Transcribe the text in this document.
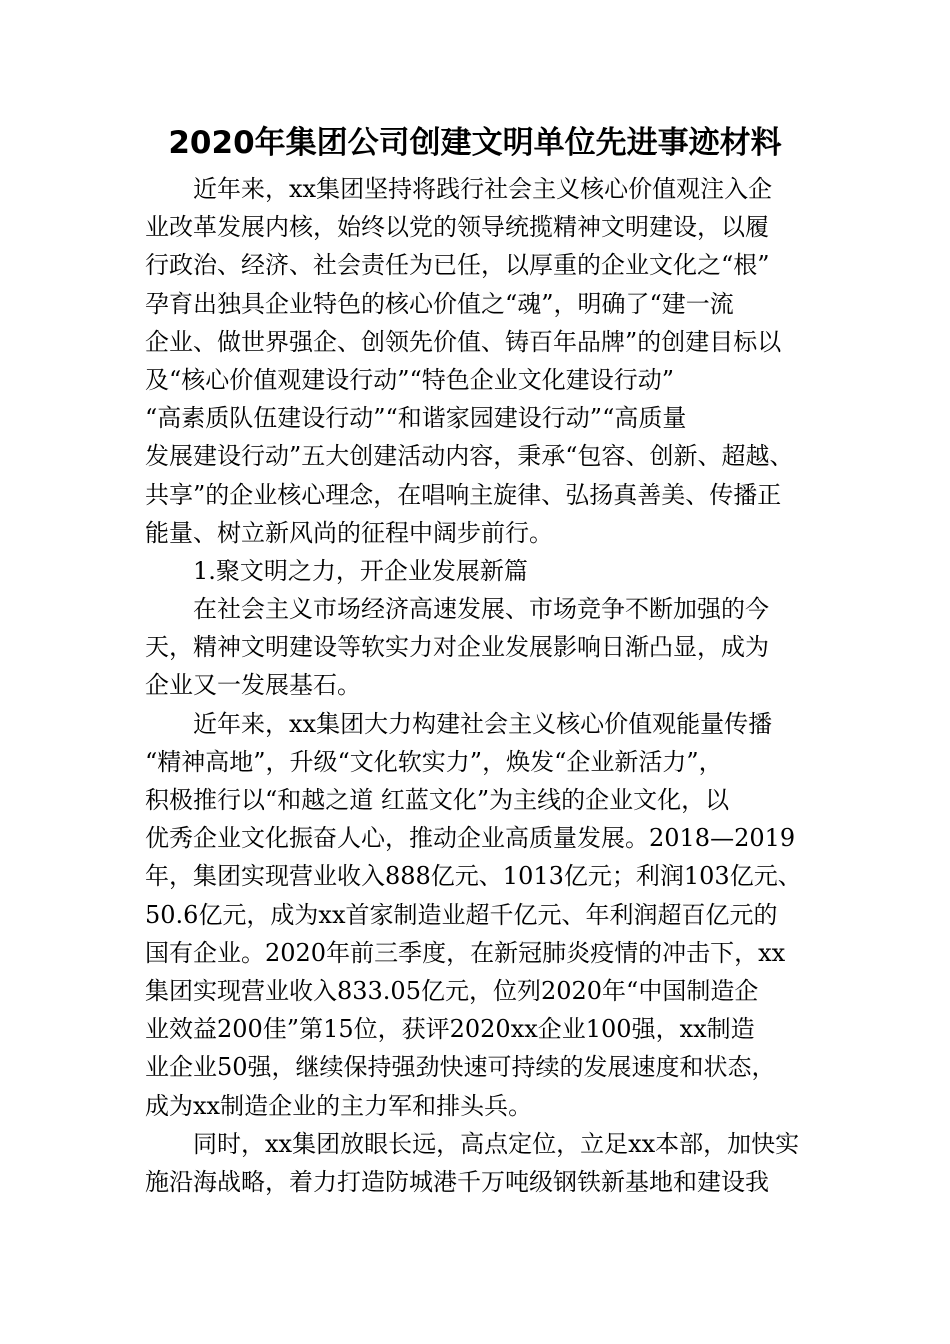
2020年集团公司创建文明单位先进事迹材料
近年来，xx集团坚持将践行社会主义核心价值观注入企
业改革发展内核，始终以党的领导统揽精神文明建设，以履
行政治、经济、社会责任为已任，以厚重的企业文化之“根”
孕育出独具企业特色的核心价值之“魂”，明确了“建一流
企业、做世界强企、创领先价值、铸百年品牌”的创建目标以
及“核心价值观建设行动”“特色企业文化建设行动”
“高素质队伍建设行动”“和谐家园建设行动”“高质量
发展建设行动”五大创建活动内容，秉承“包容、创新、超越、
共享”的企业核心理念，在唱响主旋律、弘扬真善美、传播正
能量、树立新风尚的征程中阔步前行。
1.聚文明之力，开企业发展新篇
在社会主义市场经济高速发展、市场竞争不断加强的今
天，精神文明建设等软实力对企业发展影响日渐凸显，成为
企业又一发展基石。
近年来，xx集团大力构建社会主义核心价值观能量传播
“精神高地”，升级“文化软实力”，焕发“企业新活力”，
积极推行以“和越之道 红蓝文化”为主线的企业文化，以
优秀企业文化振奋人心，推动企业高质量发展。2018—2019
年，集团实现营业收入888亿元、1013亿元；利润103亿元、
50.6亿元，成为xx首家制造业超千亿元、年利润超百亿元的
国有企业。2020年前三季度，在新冠肺炎疫情的冲击下，xx
集团实现营业收入833.05亿元，位列2020年“中国制造企
业效益200佳”第15位，获评2020xx企业100强，xx制造
业企业50强，继续保持强劲快速可持续的发展速度和状态，
成为xx制造企业的主力军和排头兵。
同时，xx集团放眼长远，高点定位，立足xx本部，加快实
施沿海战略，着力打造防城港千万吨级钢铁新基地和建设我
